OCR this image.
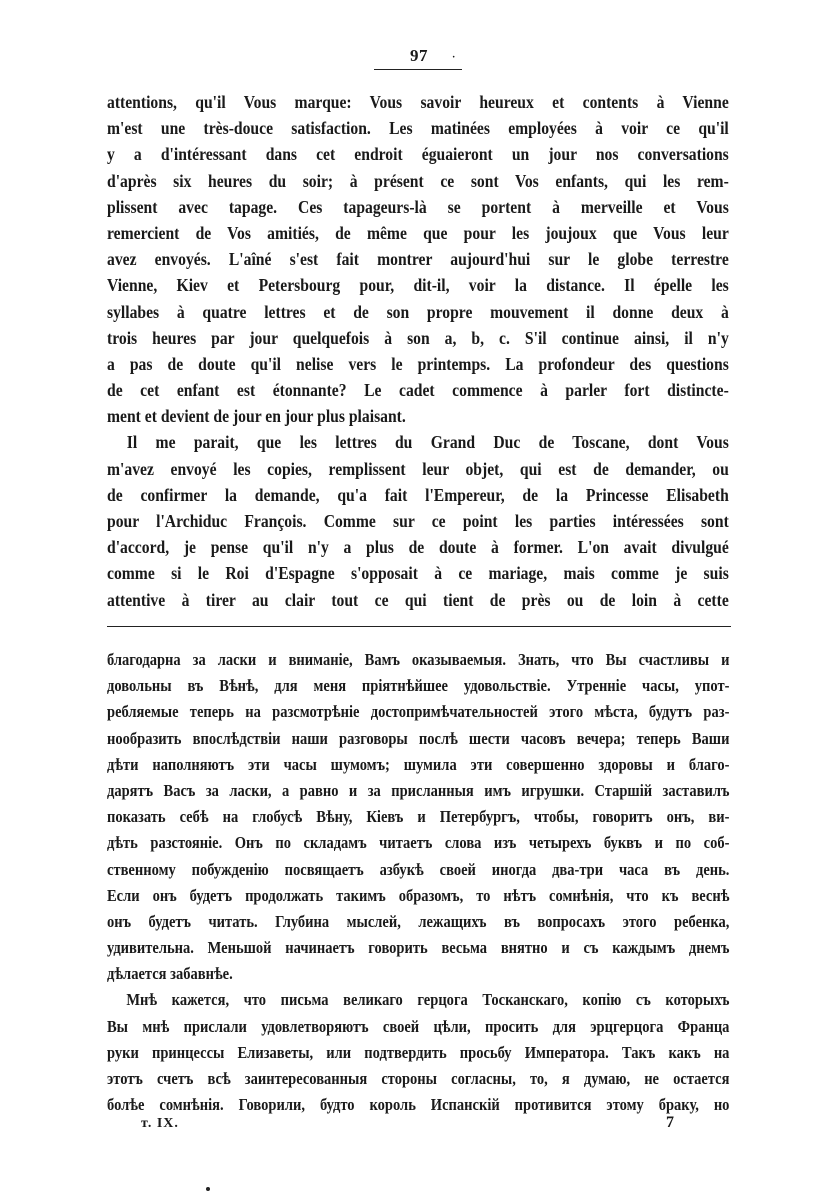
97 ·
attentions, qu'il Vous marque: Vous savoir heureux et contents à Vienne
m'est une très-douce satisfaction. Les matinées employées à voir ce qu'il
y a d'intéressant dans cet endroit éguaieront un jour nos conversations
d'après six heures du soir; à présent ce sont Vos enfants, qui les rem-
plissent avec tapage. Ces tapageurs-là se portent à merveille et Vous
remercient de Vos amitiés, de même que pour les joujoux que Vous leur
avez envoyés. L'aîné s'est fait montrer aujourd'hui sur le globe terrestre
Vienne, Kiev et Petersbourg pour, dit-il, voir la distance. Il épelle les
syllabes à quatre lettres et de son propre mouvement il donne deux à
trois heures par jour quelquefois à son a, b, c. S'il continue ainsi, il n'y
a pas de doute qu'il nelise vers le printemps. La profondeur des questions
de cet enfant est étonnante? Le cadet commence à parler fort distincte-
ment et devient de jour en jour plus plaisant.
Il me parait, que les lettres du Grand Duc de Toscane, dont Vous
m'avez envoyé les copies, remplissent leur objet, qui est de demander, ou
de confirmer la demande, qu'a fait l'Empereur, de la Princesse Elisabeth
pour l'Archiduc François. Comme sur ce point les parties intéressées sont
d'accord, je pense qu'il n'y a plus de doute à former. L'on avait divulgué
comme si le Roi d'Espagne s'opposait à ce mariage, mais comme je suis
attentive à tirer au clair tout ce qui tient de près ou de loin à cette
благодарна за ласки и вниманіе, Вамъ оказываемыя. Знать, что Вы счастливы и
довольны въ Вѣнѣ, для меня пріятнѣйшее удовольствіе. Утренніе часы, упот-
ребляемые теперь на разсмотрѣніе достопримѣчательностей этого мѣста, будутъ раз-
нообразить впослѣдствіи наши разговоры послѣ шести часовъ вечера; теперь Ваши
дѣти наполняютъ эти часы шумомъ; шумила эти совершенно здоровы и благо-
дарятъ Васъ за ласки, а равно и за присланныя имъ игрушки. Старшій заставилъ
показать себѣ на глобусѣ Вѣну, Кіевъ и Петербургъ, чтобы, говоритъ онъ, ви-
дѣть разстояніе. Онъ по складамъ читаетъ слова изъ четырехъ буквъ и по соб-
ственному побужденію посвящаетъ азбукѣ своей иногда два-три часа въ день.
Если онъ будетъ продолжать такимъ образомъ, то нѣтъ сомнѣнія, что къ веснѣ
онъ будетъ читать. Глубина мыслей, лежащихъ въ вопросахъ этого ребенка,
удивительна. Меньшой начинаетъ говорить весьма внятно и съ каждымъ днемъ
дѣлается забавнѣе.
Мнѣ кажется, что письма великаго герцога Тосканскаго, копію съ которыхъ
Вы мнѣ прислали удовлетворяютъ своей цѣли, просить для эрцгерцога Франца
руки принцессы Елизаветы, или подтвердить просьбу Императора. Такъ какъ на
этотъ счетъ всѣ заинтересованныя стороны согласны, то, я думаю, не остается
болѣе сомнѣнія. Говорили, будто король Испанскій противится этому браку, но
т. IX.	7
